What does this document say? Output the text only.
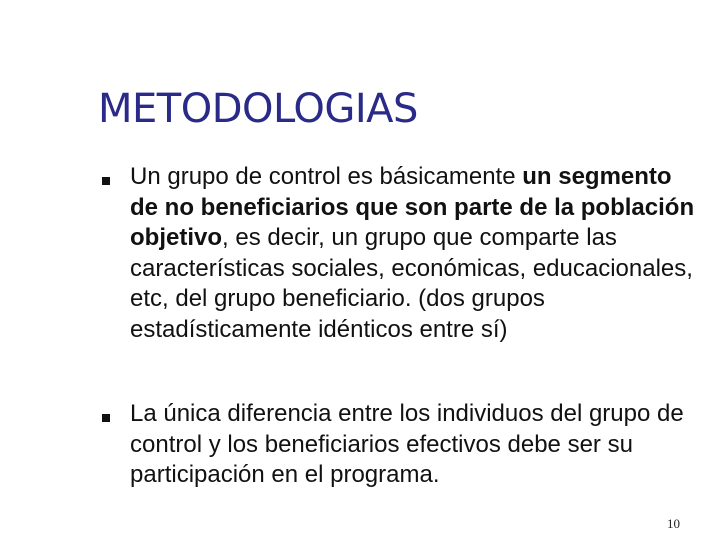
METODOLOGIAS
Un grupo de control es básicamente un segmento de no beneficiarios que son parte de la población objetivo, es decir, un grupo que comparte las características sociales, económicas, educacionales, etc, del grupo beneficiario. (dos grupos estadísticamente idénticos entre sí)
La única diferencia entre los individuos del grupo de control y los beneficiarios efectivos debe ser su participación en el programa.
10
